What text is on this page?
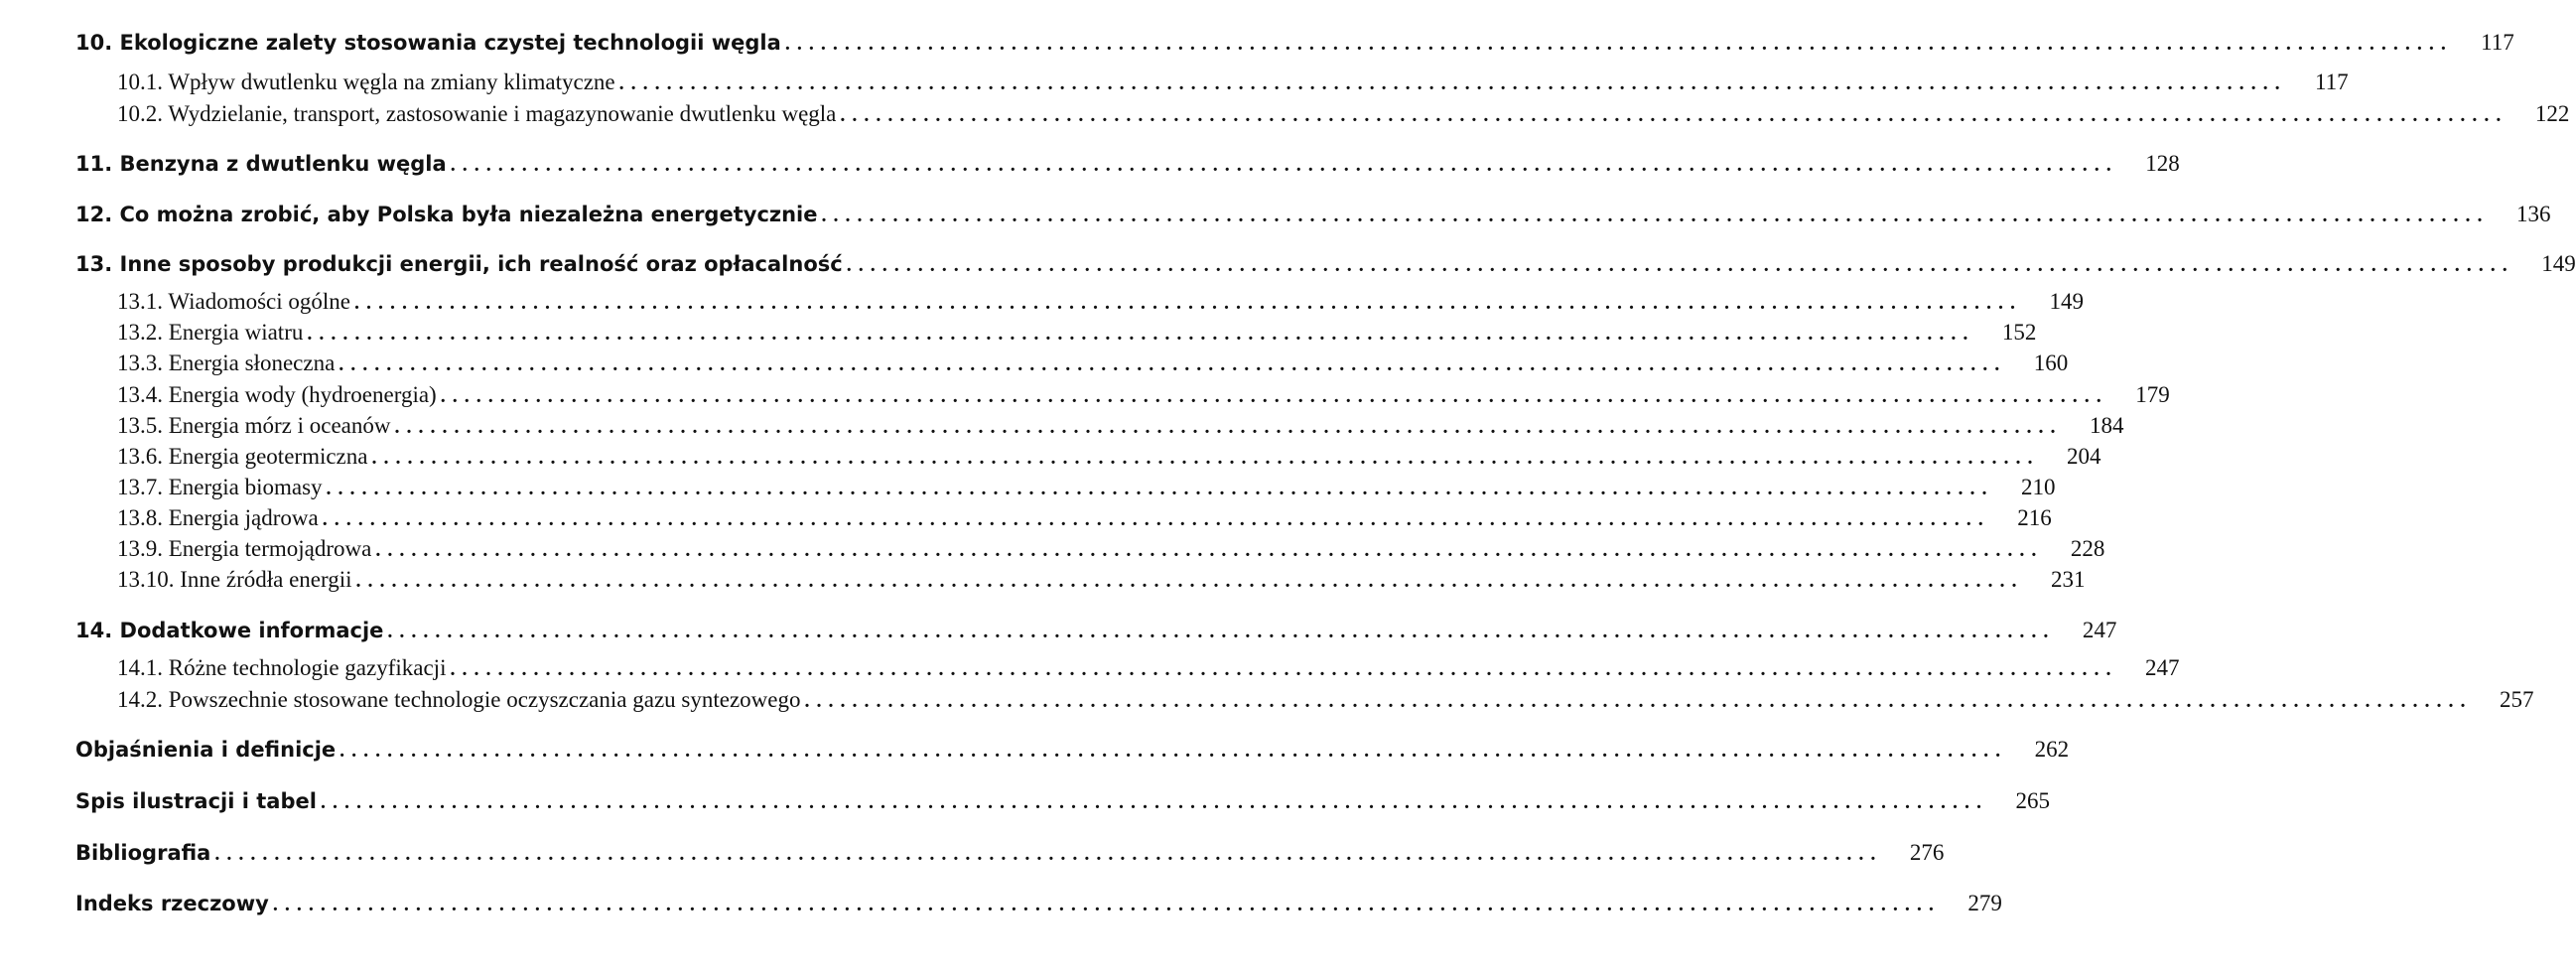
10. Ekologiczne zalety stosowania czystej technologii węgla ............................................................................................................................................	117
10.1. Wpływ dwutlenku węgla na zmiany klimatyczne ............................................................................................................................................	117
10.2. Wydzielanie, transport, zastosowanie i magazynowanie dwutlenku węgla ............................................................................................................................................	122
11. Benzyna z dwutlenku węgla ............................................................................................................................................	128
12. Co można zrobić, aby Polska była niezależna energetycznie ............................................................................................................................................	136
13. Inne sposoby produkcji energii, ich realność oraz opłacalność ............................................................................................................................................	149
13.1. Wiadomości ogólne ............................................................................................................................................	149
13.2. Energia wiatru ............................................................................................................................................	152
13.3. Energia słoneczna ............................................................................................................................................	160
13.4. Energia wody (hydroenergia) ............................................................................................................................................	179
13.5. Energia mórz i oceanów ............................................................................................................................................	184
13.6. Energia geotermiczna ............................................................................................................................................	204
13.7. Energia biomasy ............................................................................................................................................	210
13.8. Energia jądrowa ............................................................................................................................................	216
13.9. Energia termojądrowa ............................................................................................................................................	228
13.10. Inne źródła energii ............................................................................................................................................	231
14. Dodatkowe informacje ............................................................................................................................................	247
14.1. Różne technologie gazyfikacji ............................................................................................................................................	247
14.2. Powszechnie stosowane technologie oczyszczania gazu syntezowego ............................................................................................................................................	257
Objaśnienia i definicje ............................................................................................................................................	262
Spis ilustracji i tabel ............................................................................................................................................	265
Bibliografia ............................................................................................................................................	276
Indeks rzeczowy ............................................................................................................................................	279
